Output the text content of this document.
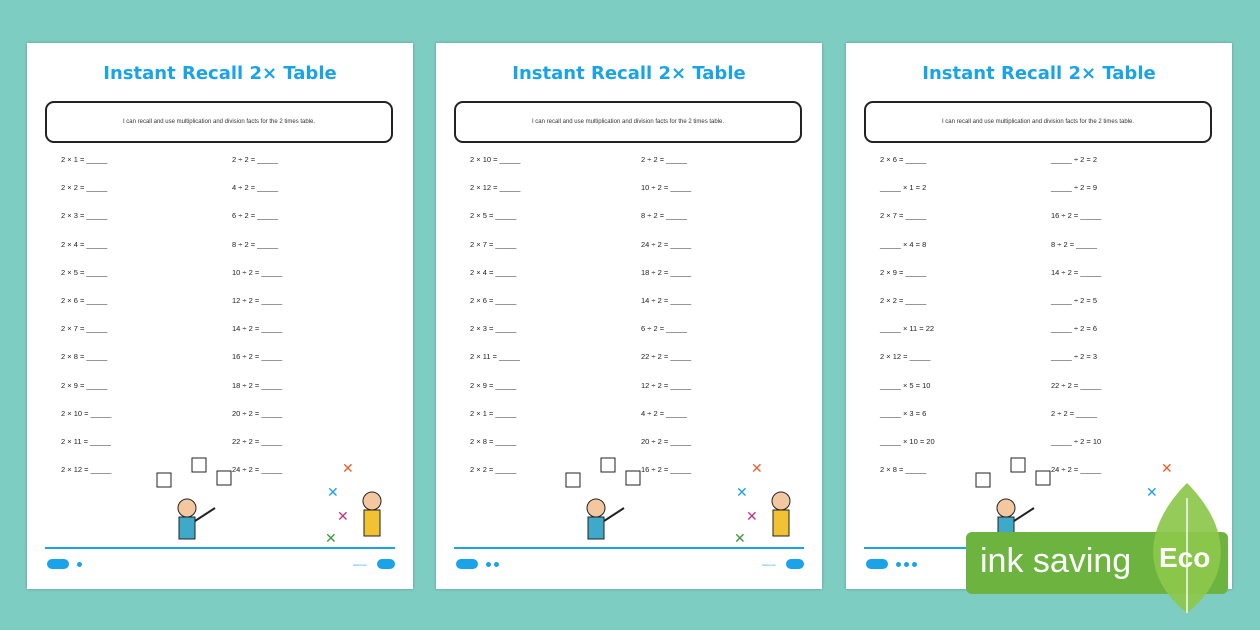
Instant Recall 2× Table
I can recall and use multiplication and division facts for the 2 times table.
✕
✕
✕
✕
twinkl.com
2 × 1 = _____
2 × 2 = _____
2 × 3 = _____
2 × 4 = _____
2 × 5 = _____
2 × 6 = _____
2 × 7 = _____
2 × 8 = _____
2 × 9 = _____
2 × 10 = _____
2 × 11 = _____
2 × 12 = _____
2 ÷ 2 = _____
4 ÷ 2 = _____
6 ÷ 2 = _____
8 ÷ 2 = _____
10 ÷ 2 = _____
12 ÷ 2 = _____
14 ÷ 2 = _____
16 ÷ 2 = _____
18 ÷ 2 = _____
20 ÷ 2 = _____
22 ÷ 2 = _____
24 ÷ 2 = _____
Instant Recall 2× Table
I can recall and use multiplication and division facts for the 2 times table.
✕
✕
✕
✕
twinkl.com
2 × 10 = _____
2 × 12 = _____
2 × 5 = _____
2 × 7 = _____
2 × 4 = _____
2 × 6 = _____
2 × 3 = _____
2 × 11 = _____
2 × 9 = _____
2 × 1 = _____
2 × 8 = _____
2 × 2 = _____
2 ÷ 2 = _____
10 ÷ 2 = _____
8 ÷ 2 = _____
24 ÷ 2 = _____
18 ÷ 2 = _____
14 ÷ 2 = _____
6 ÷ 2 = _____
22 ÷ 2 = _____
12 ÷ 2 = _____
4 ÷ 2 = _____
20 ÷ 2 = _____
16 ÷ 2 = _____
Instant Recall 2× Table
I can recall and use multiplication and division facts for the 2 times table.
✕
✕
2 × 6 = _____
_____ × 1 = 2
2 × 7 = _____
_____ × 4 = 8
2 × 9 = _____
2 × 2 = _____
_____ × 11 = 22
2 × 12 = _____
_____ × 5 = 10
_____ × 3 = 6
_____ × 10 = 20
2 × 8 = _____
_____ ÷ 2 = 2
_____ ÷ 2 = 9
16 ÷ 2 = _____
8 ÷ 2 = _____
14 ÷ 2 = _____
_____ ÷ 2 = 5
_____ ÷ 2 = 6
_____ ÷ 2 = 3
22 ÷ 2 = _____
2 ÷ 2 = _____
_____ ÷ 2 = 10
24 ÷ 2 = _____
ink saving Eco
